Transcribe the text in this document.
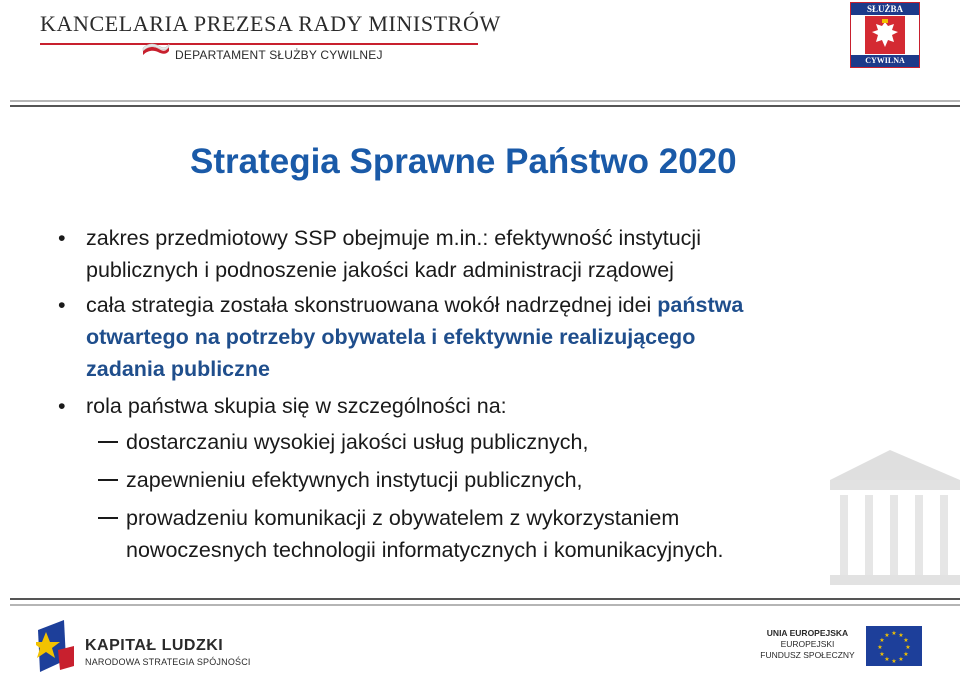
KANCELARIA PREZESA RADY MINISTRÓW
DEPARTAMENT SŁUŻBY CYWILNEJ
SŁUŻBA
CYWILNA
Strategia Sprawne Państwo 2020

• zakres przedmiotowy SSP obejmuje m.in.: efektywność instytucji
publicznych i podnoszenie jakości kadr administracji rządowej

• cała strategia została skonstruowana wokół nadrzędnej idei państwa
otwartego na potrzeby obywatela i efektywnie realizującego
zadania publiczne

• rola państwa skupia się w szczególności na:

dostarczaniu wysokiej jakości usług publicznych,

zapewnieniu efektywnych instytucji publicznych,

prowadzeniu komunikacji z obywatelem z wykorzystaniem
nowoczesnych technologii informatycznych i komunikacyjnych.

KAPITAŁ LUDZKI
NARODOWA STRATEGIA SPÓJNOŚCI
UNIA EUROPEJSKA
EUROPEJSKI
FUNDUSZ SPOŁECZNY
★ ★
★
★
★
★
★
★
★
★
★
★
